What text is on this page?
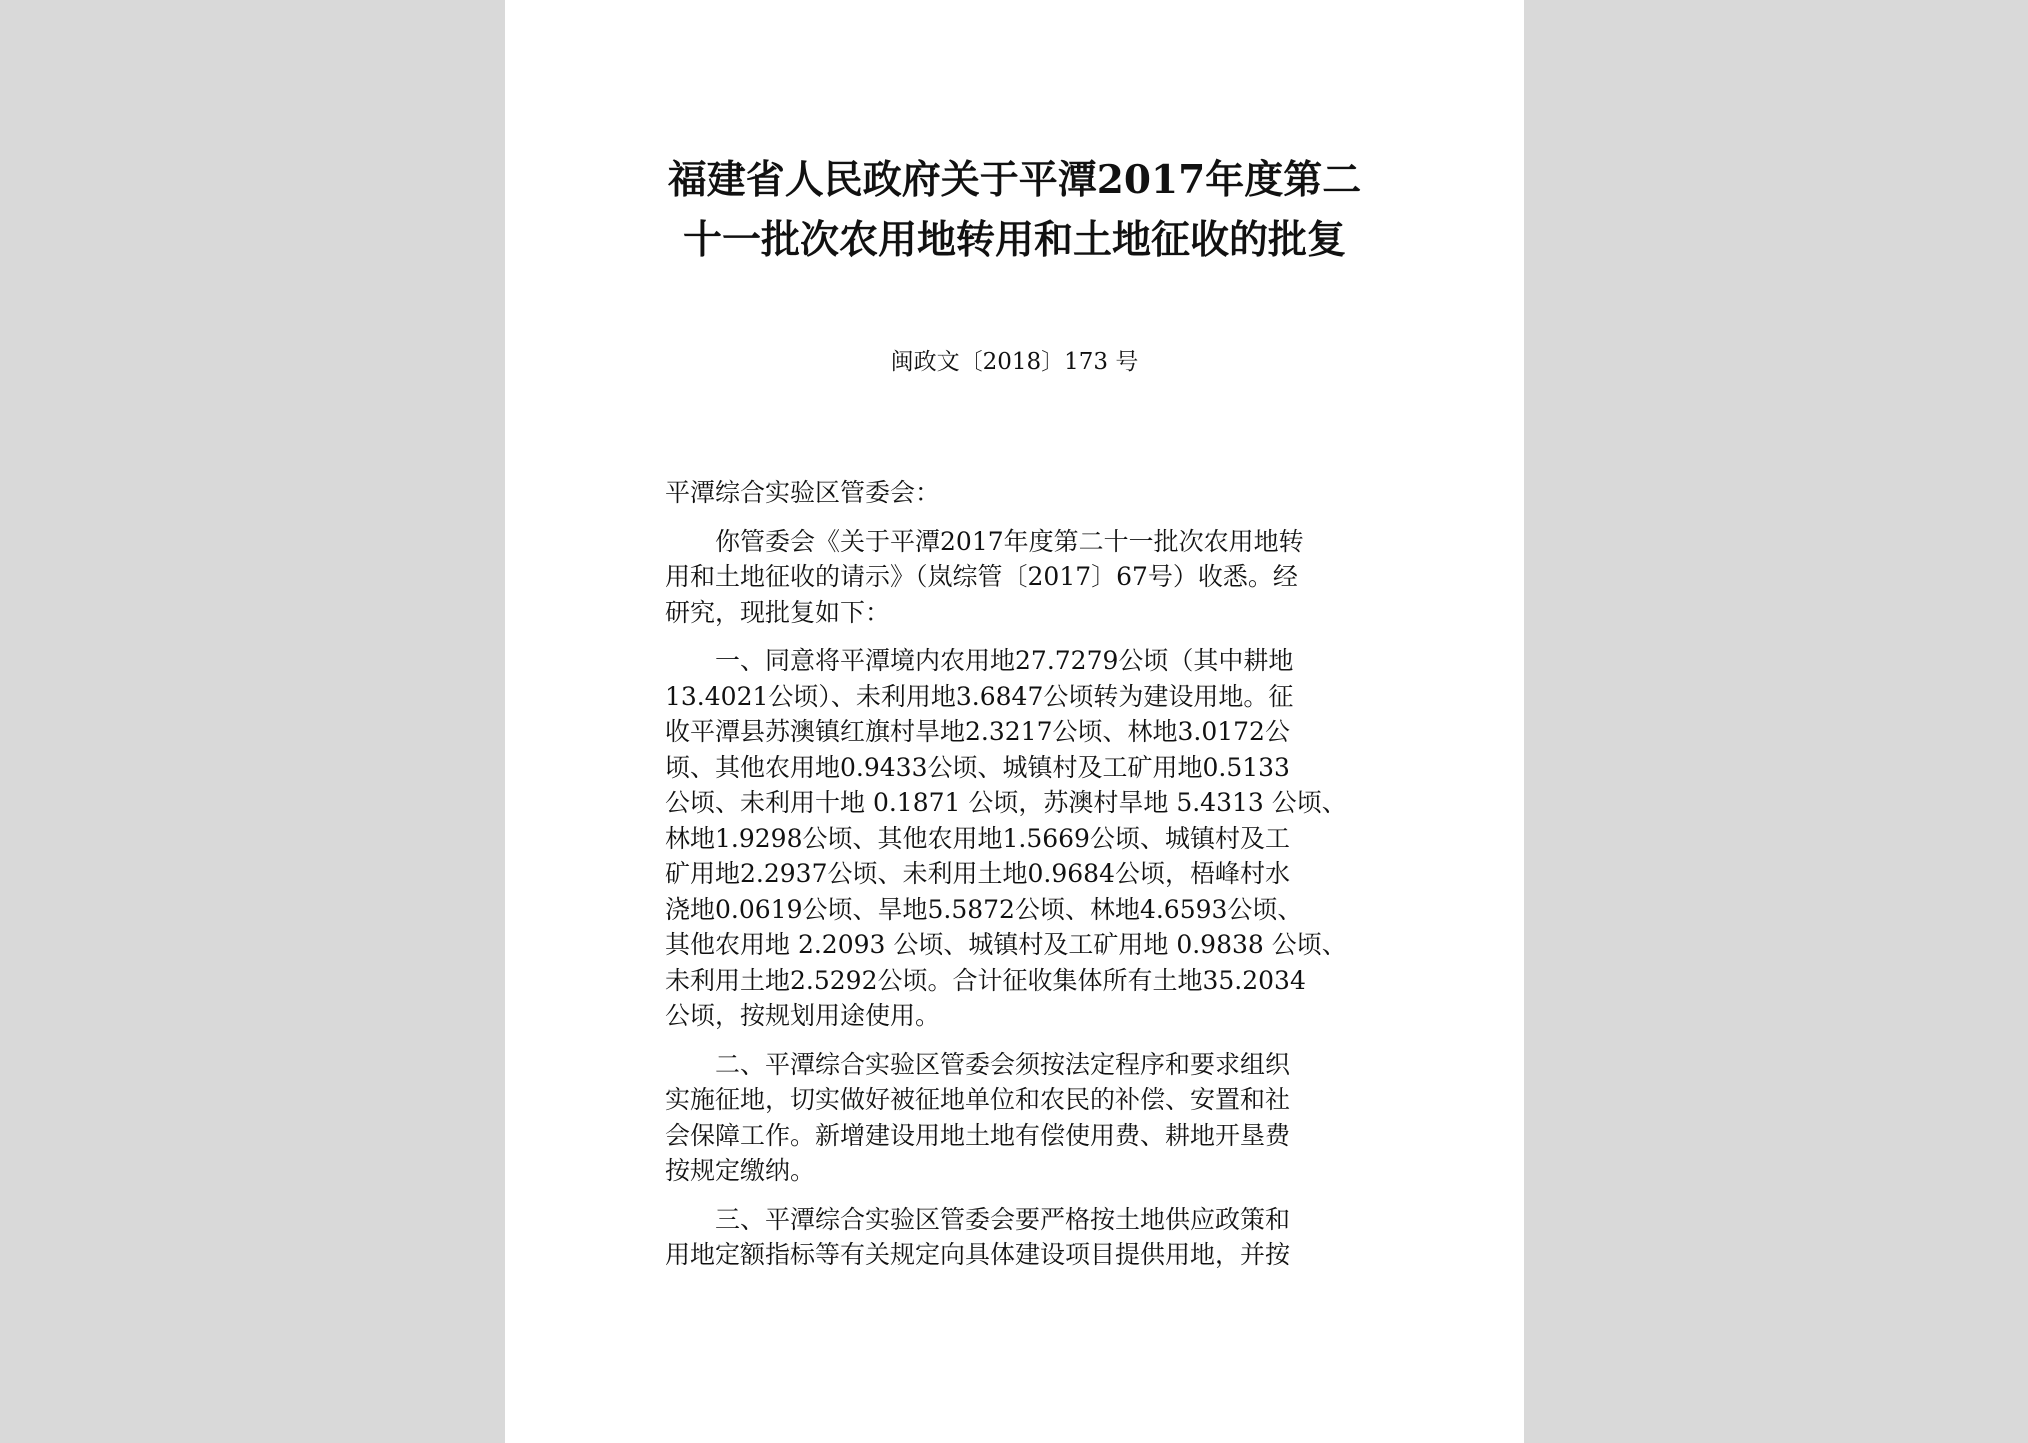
福建省人民政府关于平潭2017年度第二
十一批次农用地转用和土地征收的批复
闽政文〔2018〕173 号
平潭综合实验区管委会：
　　你管委会《关于平潭2017年度第二十一批次农用地转
用和土地征收的请示》（岚综管〔2017〕67号）收悉。经
研究，现批复如下：
　　一、同意将平潭境内农用地27.7279公顷（其中耕地
13.4021公顷）、未利用地3.6847公顷转为建设用地。征
收平潭县苏澳镇红旗村旱地2.3217公顷、林地3.0172公
顷、其他农用地0.9433公顷、城镇村及工矿用地0.5133
公顷、未利用十地 0.1871 公顷，苏澳村旱地 5.4313 公顷、
林地1.9298公顷、其他农用地1.5669公顷、城镇村及工
矿用地2.2937公顷、未利用土地0.9684公顷，梧峰村水
浇地0.0619公顷、旱地5.5872公顷、林地4.6593公顷、
其他农用地 2.2093 公顷、城镇村及工矿用地 0.9838 公顷、
未利用土地2.5292公顷。合计征收集体所有土地35.2034
公顷，按规划用途使用。
　　二、平潭综合实验区管委会须按法定程序和要求组织
实施征地，切实做好被征地单位和农民的补偿、安置和社
会保障工作。新增建设用地土地有偿使用费、耕地开垦费
按规定缴纳。
　　三、平潭综合实验区管委会要严格按土地供应政策和
用地定额指标等有关规定向具体建设项目提供用地，并按
